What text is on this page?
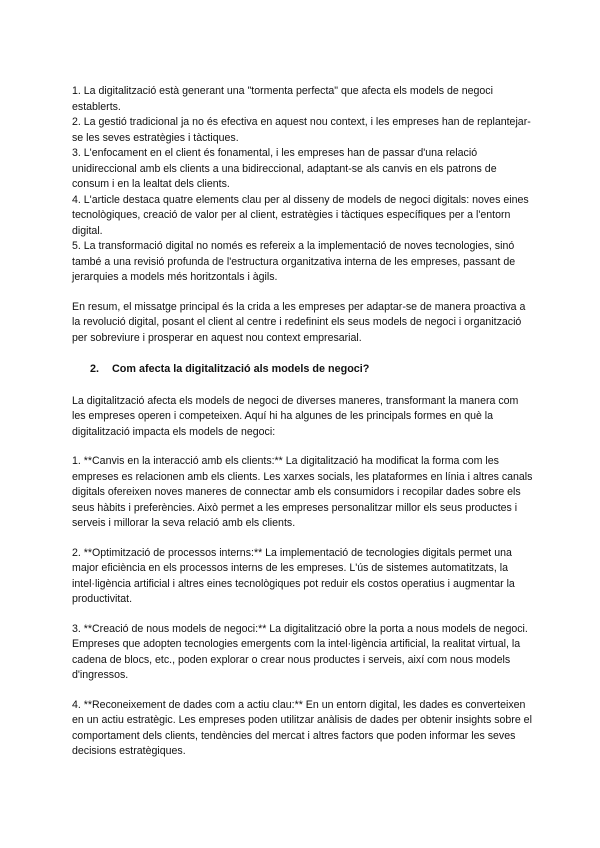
1. La digitalització està generant una "tormenta perfecta" que afecta els models de negoci establerts.

2. La gestió tradicional ja no és efectiva en aquest nou context, i les empreses han de replantejar-se les seves estratègies i tàctiques.

3. L'enfocament en el client és fonamental, i les empreses han de passar d'una relació unidireccional amb els clients a una bidireccional, adaptant-se als canvis en els patrons de consum i en la lealtat dels clients.

4. L'article destaca quatre elements clau per al disseny de models de negoci digitals: noves eines tecnològiques, creació de valor per al client, estratègies i tàctiques específiques per a l'entorn digital.

5. La transformació digital no només es refereix a la implementació de noves tecnologies, sinó també a una revisió profunda de l'estructura organitzativa interna de les empreses, passant de jerarquies a models més horitzontals i àgils.

En resum, el missatge principal és la crida a les empreses per adaptar-se de manera proactiva a la revolució digital, posant el client al centre i redefinint els seus models de negoci i organització per sobreviure i prosperar en aquest nou context empresarial.

2. Com afecta la digitalització als models de negoci?

La digitalització afecta els models de negoci de diverses maneres, transformant la manera com les empreses operen i competeixen. Aquí hi ha algunes de les principals formes en què la digitalització impacta els models de negoci:

1. **Canvis en la interacció amb els clients:** La digitalització ha modificat la forma com les empreses es relacionen amb els clients. Les xarxes socials, les plataformes en línia i altres canals digitals ofereixen noves maneres de connectar amb els consumidors i recopilar dades sobre els seus hàbits i preferències. Això permet a les empreses personalitzar millor els seus productes i serveis i millorar la seva relació amb els clients.

2. **Optimització de processos interns:** La implementació de tecnologies digitals permet una major eficiència en els processos interns de les empreses. L'ús de sistemes automatitzats, la intel·ligència artificial i altres eines tecnològiques pot reduir els costos operatius i augmentar la productivitat.

3. **Creació de nous models de negoci:** La digitalització obre la porta a nous models de negoci. Empreses que adopten tecnologies emergents com la intel·ligència artificial, la realitat virtual, la cadena de blocs, etc., poden explorar o crear nous productes i serveis, així com nous models d'ingressos.

4. **Reconeixement de dades com a actiu clau:** En un entorn digital, les dades es converteixen en un actiu estratègic. Les empreses poden utilitzar anàlisis de dades per obtenir insights sobre el comportament dels clients, tendències del mercat i altres factors que poden informar les seves decisions estratègiques.
